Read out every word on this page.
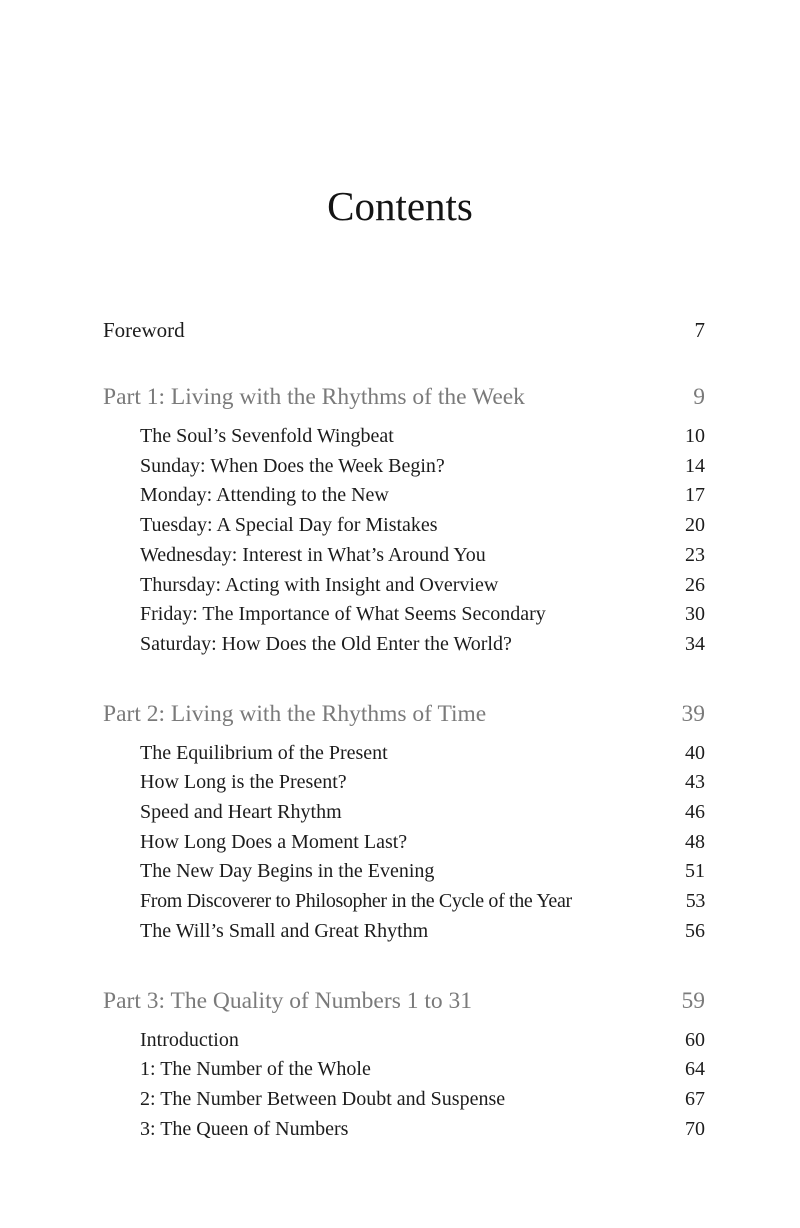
Contents
Foreword	7
Part 1: Living with the Rhythms of the Week	9
The Soul’s Sevenfold Wingbeat	10
Sunday: When Does the Week Begin?	14
Monday: Attending to the New	17
Tuesday: A Special Day for Mistakes	20
Wednesday: Interest in What’s Around You	23
Thursday: Acting with Insight and Overview	26
Friday: The Importance of What Seems Secondary	30
Saturday: How Does the Old Enter the World?	34
Part 2: Living with the Rhythms of Time	39
The Equilibrium of the Present	40
How Long is the Present?	43
Speed and Heart Rhythm	46
How Long Does a Moment Last?	48
The New Day Begins in the Evening	51
From Discoverer to Philosopher in the Cycle of the Year	53
The Will’s Small and Great Rhythm	56
Part 3: The Quality of Numbers 1 to 31	59
Introduction	60
1: The Number of the Whole	64
2: The Number Between Doubt and Suspense	67
3: The Queen of Numbers	70
